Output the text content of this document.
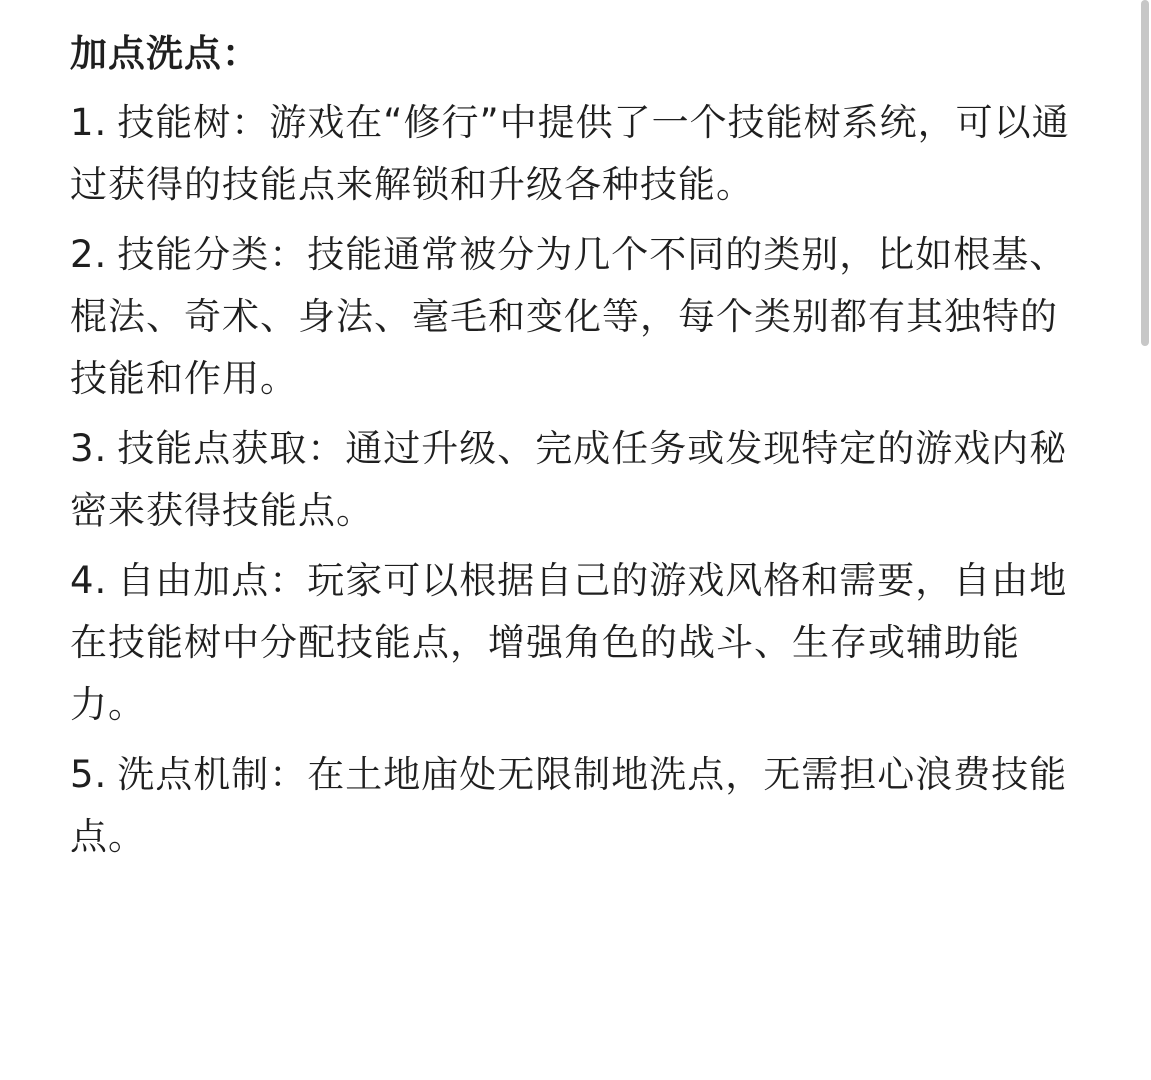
加点洗点：
1. 技能树：游戏在“修行”中提供了一个技能树系统，可以通过获得的技能点来解锁和升级各种技能。
2. 技能分类：技能通常被分为几个不同的类别，比如根基、棍法、奇术、身法、毫毛和变化等，每个类别都有其独特的技能和作用。
3. 技能点获取：通过升级、完成任务或发现特定的游戏内秘密来获得技能点。
4. 自由加点：玩家可以根据自己的游戏风格和需要，自由地在技能树中分配技能点，增强角色的战斗、生存或辅助能力。
5. 洗点机制：在土地庙处无限制地洗点，无需担心浪费技能点。
